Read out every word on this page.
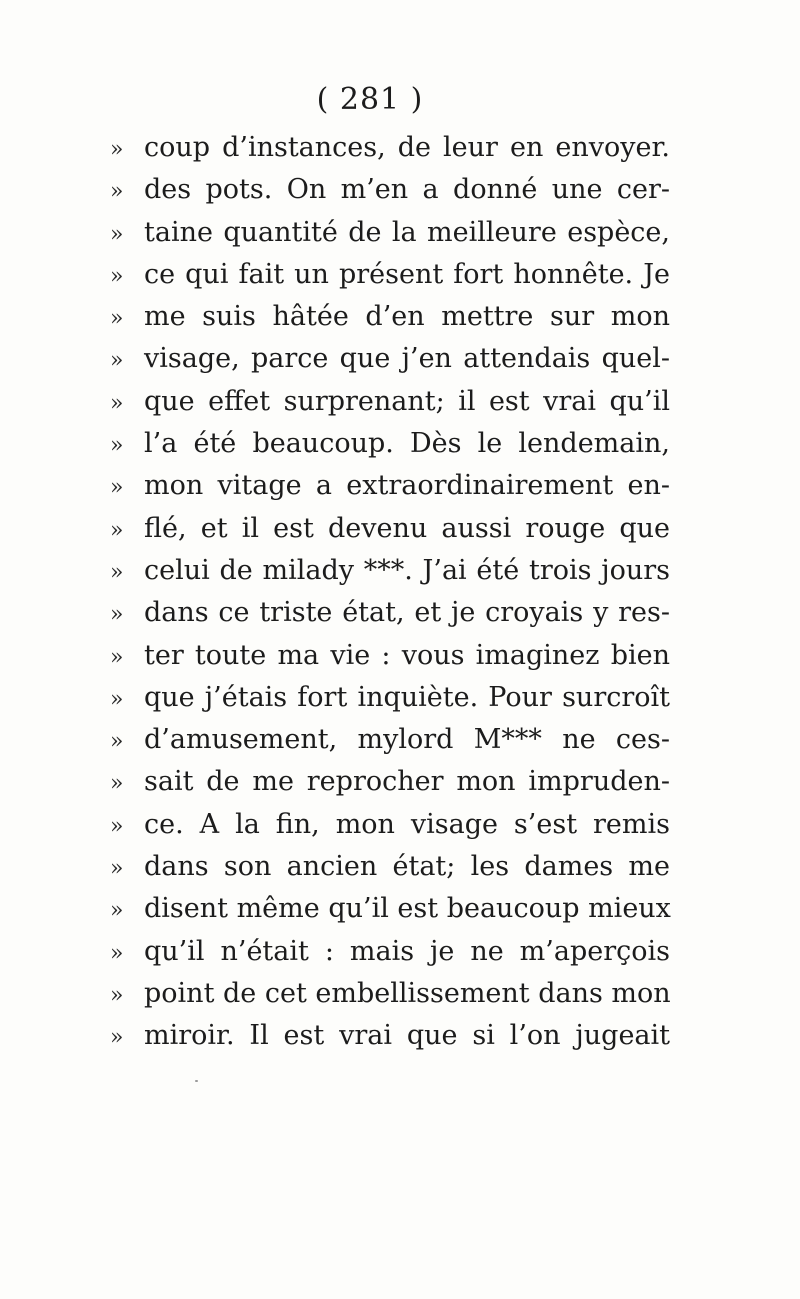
( 281 )

» coup d’instances, de leur en envoyer.
» des pots. On m’en a donné une cer-
» taine quantité de la meilleure espèce,
» ce qui fait un présent fort honnête. Je
» me suis hâtée d’en mettre sur mon
» visage, parce que j’en attendais quel-
» que effet surprenant; il est vrai qu’il
» l’a été beaucoup. Dès le lendemain,
» mon vitage a extraordinairement en-
» flé, et il est devenu aussi rouge que
» celui de milady ***. J’ai été trois jours
» dans ce triste état, et je croyais y res-
» ter toute ma vie : vous imaginez bien
» que j’étais fort inquiète. Pour surcroît
» d’amusement, mylord M*** ne ces-
» sait de me reprocher mon impruden-
» ce. A la fin, mon visage s’est remis
» dans son ancien état; les dames me
» disent même qu’il est beaucoup mieux
» qu’il n’était : mais je ne m’aperçois
» point de cet embellissement dans mon
» miroir. Il est vrai que si l’on jugeait
